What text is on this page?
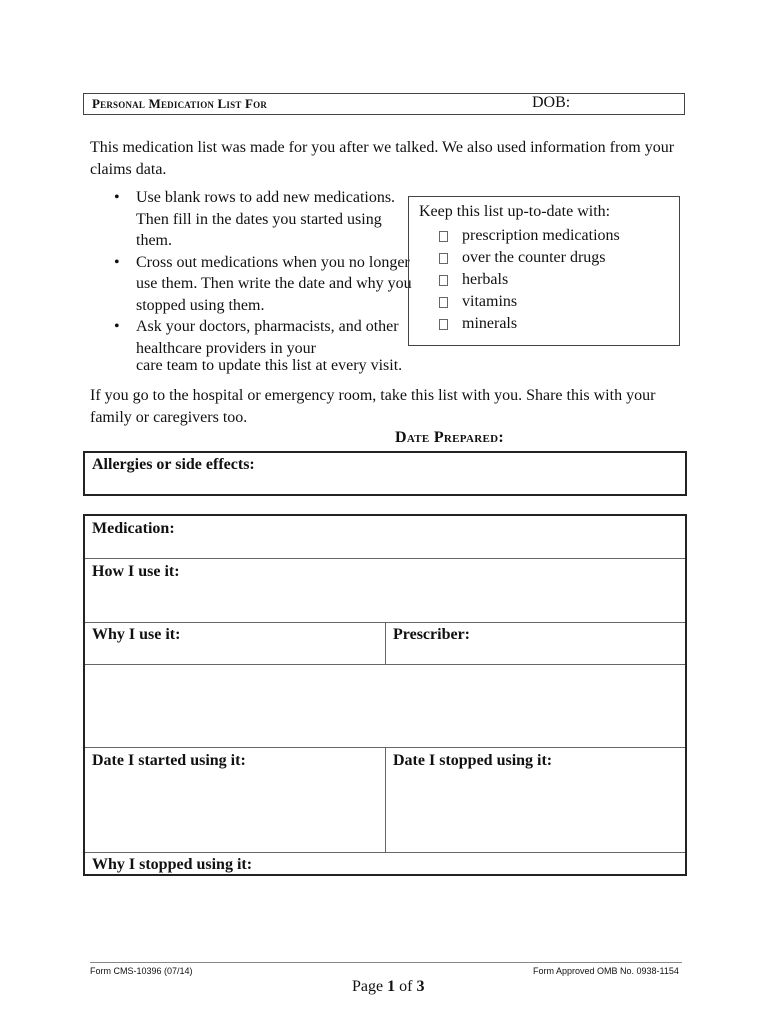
Personal Medication List For	DOB:
This medication list was made for you after we talked. We also used information from your claims data.
• Use blank rows to add new medications. Then fill in the dates you started using them.
• Cross out medications when you no longer use them. Then write the date and why you stopped using them.
• Ask your doctors, pharmacists, and other healthcare providers in your
care team to update this list at every visit.
Keep this list up-to-date with:
prescription medications
over the counter drugs
herbals
vitamins
minerals
If you go to the hospital or emergency room, take this list with you. Share this with your family or caregivers too.
Date Prepared:
Allergies or side effects:
Medication:
How I use it:
Why I use it:	Prescriber:
Date I started using it:	Date I stopped using it:
Why I stopped using it:
Form CMS-10396 (07/14)	Form Approved OMB No. 0938-1154
Page 1 of 3
